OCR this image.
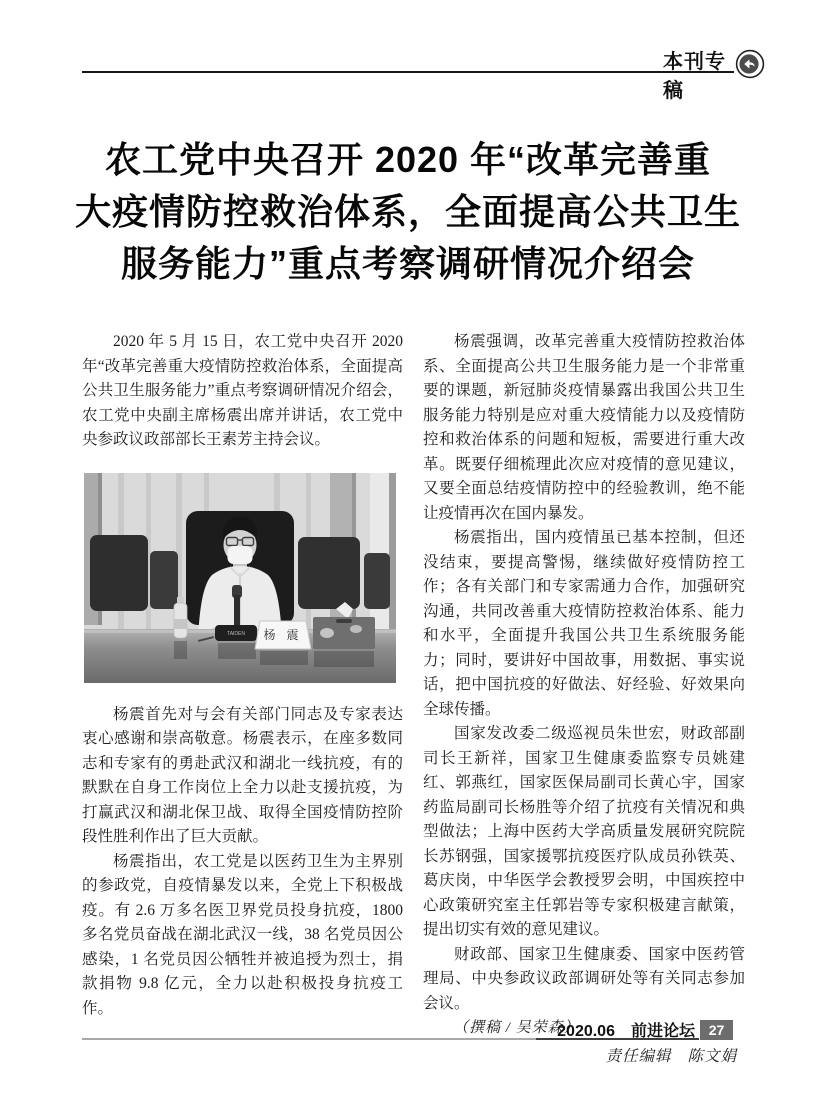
本刊专稿
农工党中央召开 2020 年“改革完善重
大疫情防控救治体系，全面提高公共卫生
服务能力”重点考察调研情况介绍会

2020 年 5 月 15 日，农工党中央召开 2020 年“改革完善重大疫情防控救治体系，全面提高公共卫生服务能力”重点考察调研情况介绍会，农工党中央副主席杨震出席并讲话，农工党中央参政议政部部长王素芳主持会议。

TAIDEN 杨 震

杨震首先对与会有关部门同志及专家表达衷心感谢和崇高敬意。杨震表示，在座多数同志和专家有的勇赴武汉和湖北一线抗疫，有的默默在自身工作岗位上全力以赴支援抗疫，为打赢武汉和湖北保卫战、取得全国疫情防控阶段性胜利作出了巨大贡献。

杨震指出，农工党是以医药卫生为主界别的参政党，自疫情暴发以来，全党上下积极战疫。有 2.6 万多名医卫界党员投身抗疫，1800 多名党员奋战在湖北武汉一线，38 名党员因公感染，1 名党员因公牺牲并被追授为烈士，捐款捐物 9.8 亿元，全力以赴积极投身抗疫工作。

杨震强调，改革完善重大疫情防控救治体系、全面提高公共卫生服务能力是一个非常重要的课题，新冠肺炎疫情暴露出我国公共卫生服务能力特别是应对重大疫情能力以及疫情防控和救治体系的问题和短板，需要进行重大改革。既要仔细梳理此次应对疫情的意见建议，又要全面总结疫情防控中的经验教训，绝不能让疫情再次在国内暴发。

杨震指出，国内疫情虽已基本控制，但还没结束，要提高警惕，继续做好疫情防控工作；各有关部门和专家需通力合作，加强研究沟通，共同改善重大疫情防控救治体系、能力和水平，全面提升我国公共卫生系统服务能力；同时，要讲好中国故事，用数据、事实说话，把中国抗疫的好做法、好经验、好效果向全球传播。

国家发改委二级巡视员朱世宏，财政部副司长王新祥，国家卫生健康委监察专员姚建红、郭燕红，国家医保局副司长黄心宇，国家药监局副司长杨胜等介绍了抗疫有关情况和典型做法；上海中医药大学高质量发展研究院院长苏钢强，国家援鄂抗疫医疗队成员孙铁英、葛庆岗，中华医学会教授罗会明，中国疾控中心政策研究室主任郭岩等专家积极建言献策，提出切实有效的意见建议。

财政部、国家卫生健康委、国家中医药管理局、中央参政议政部调研处等有关同志参加会议。

（撰稿 / 吴荣森）

责任编辑 陈文娟
2020.06 前进论坛 27
